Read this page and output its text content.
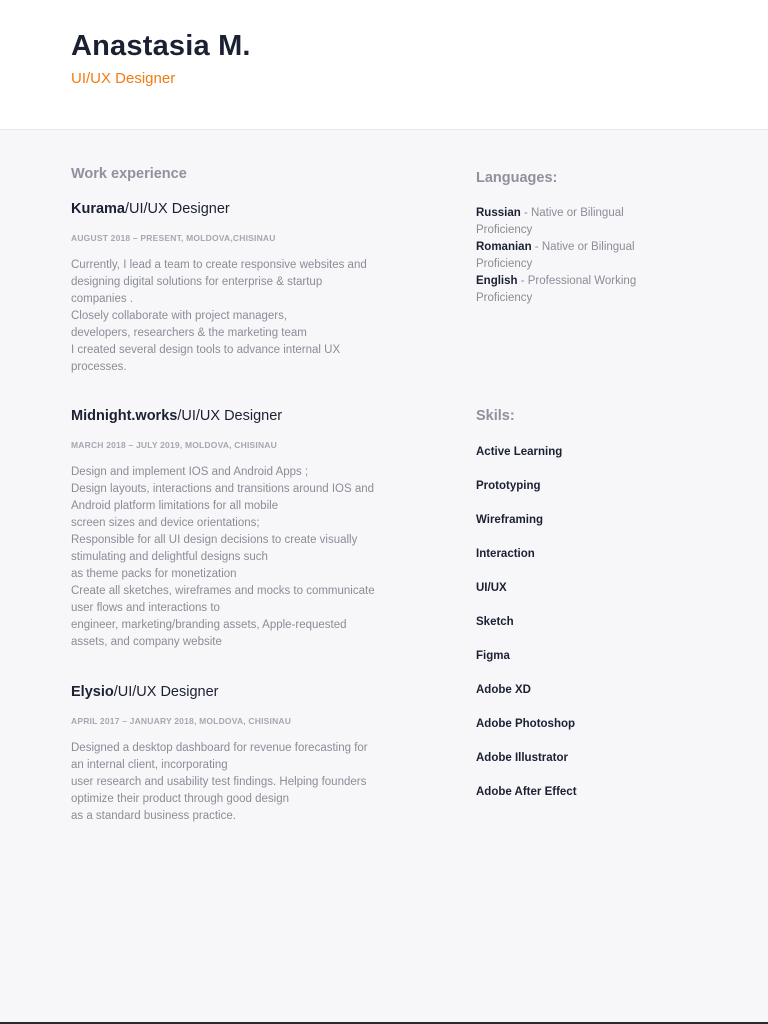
Anastasia M.
UI/UX Designer
Work experience
Kurama/UI/UX Designer
AUGUST 2018 – PRESENT, MOLDOVA,CHISINAU
Currently, I lead a team to create responsive websites and
designing digital solutions for enterprise & startup
companies .
Closely collaborate with project managers,
developers, researchers & the marketing team
I created several design tools to advance internal UX
processes.
Midnight.works/UI/UX Designer
MARCH 2018 – JULY 2019, MOLDOVA, CHISINAU
Design and implement IOS and Android Apps ;
Design layouts, interactions and transitions around IOS and
Android platform limitations for all mobile
screen sizes and device orientations;
Responsible for all UI design decisions to create visually
stimulating and delightful designs such
as theme packs for monetization
Create all sketches, wireframes and mocks to communicate
user flows and interactions to
engineer, marketing/branding assets, Apple-requested
assets, and company website
Elysio/UI/UX Designer
APRIL 2017 – JANUARY 2018, MOLDOVA, CHISINAU
Designed a desktop dashboard for revenue forecasting for
an internal client, incorporating
user research and usability test findings. Helping founders
optimize their product through good design
as a standard business practice.
Languages:
Russian - Native or Bilingual Proficiency
Romanian - Native or Bilingual Proficiency
English - Professional Working Proficiency
Skils:
Active Learning
Prototyping
Wireframing
Interaction
UI/UX
Sketch
Figma
Adobe XD
Adobe Photoshop
Adobe Illustrator
Adobe After Effect
